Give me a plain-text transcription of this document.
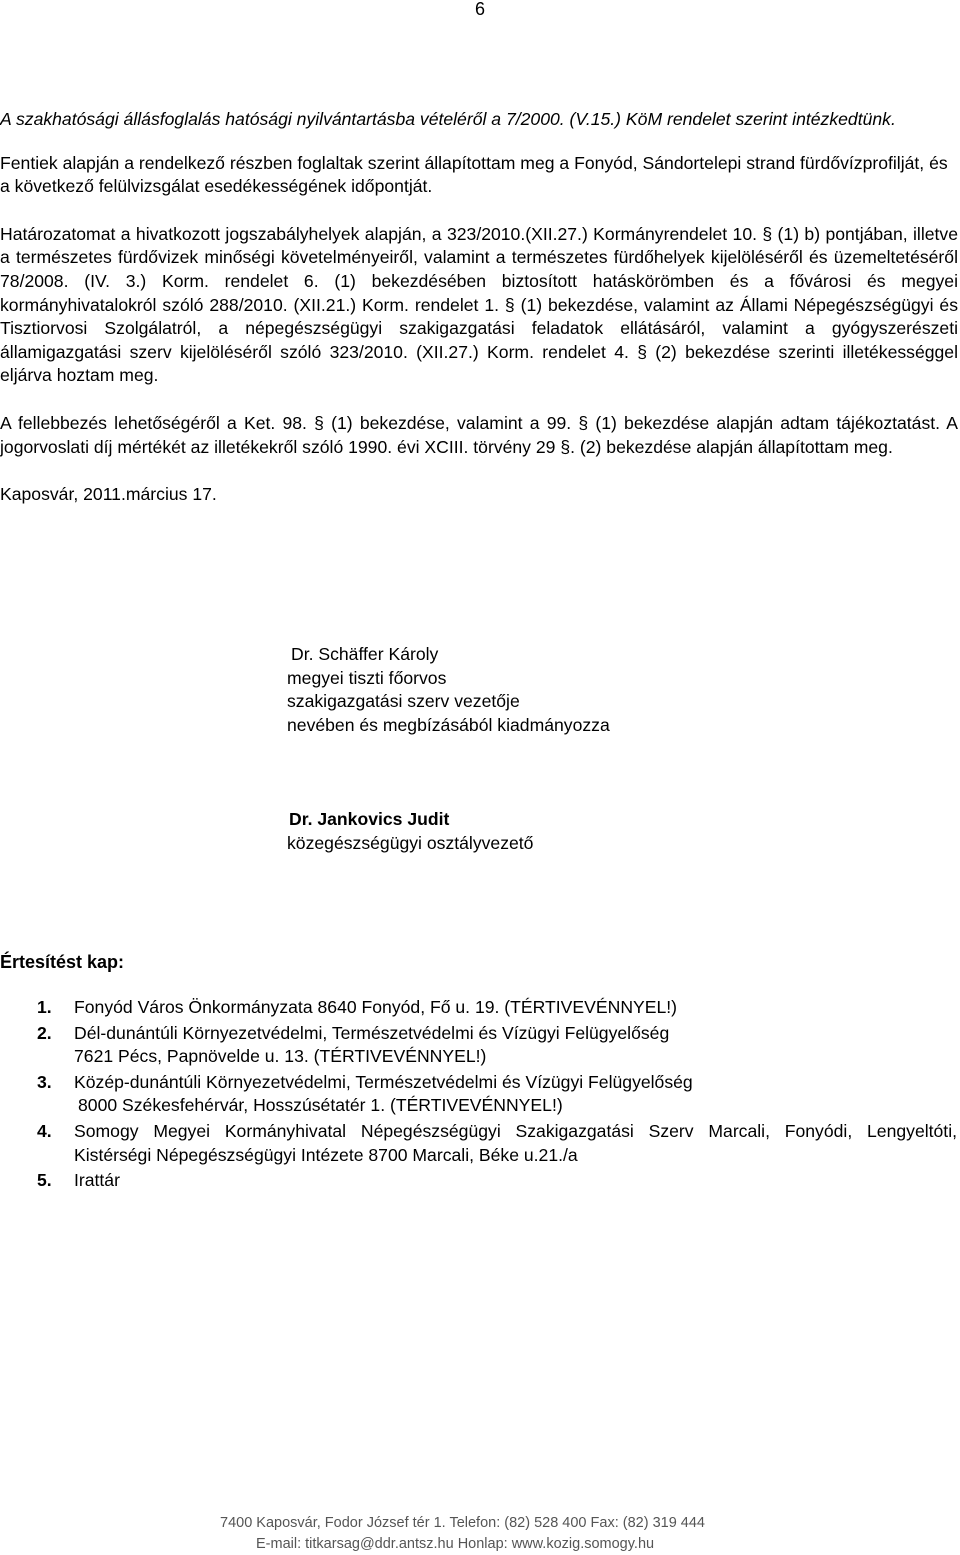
6

A szakhatósági állásfoglalás hatósági nyilvántartásba vételéről a 7/2000. (V.15.) KöM rendelet szerint intézkedtünk.

Fentiek alapján a rendelkező részben foglaltak szerint állapítottam meg a Fonyód, Sándortelepi strand fürdővízprofilját, és a következő felülvizsgálat esedékességének időpontját.

Határozatomat a hivatkozott jogszabályhelyek alapján, a 323/2010.(XII.27.) Kormányrendelet 10. § (1) b) pontjában, illetve a természetes fürdővizek minőségi követelményeiről, valamint a természetes fürdőhelyek kijelöléséről és üzemeltetéséről 78/2008. (IV. 3.) Korm. rendelet 6. (1) bekezdésében biztosított hatáskörömben és a fővárosi és megyei kormányhivatalokról szóló 288/2010. (XII.21.) Korm. rendelet 1. § (1) bekezdése, valamint az Állami Népegészségügyi és Tisztiorvosi Szolgálatról, a népegészségügyi szakigazgatási feladatok ellátásáról, valamint a gyógyszerészeti államigazgatási szerv kijelöléséről szóló 323/2010. (XII.27.) Korm. rendelet 4. § (2) bekezdése szerinti illetékességgel eljárva hoztam meg.

A fellebbezés lehetőségéről a Ket. 98. § (1) bekezdése, valamint a 99. § (1) bekezdése alapján adtam tájékoztatást. A jogorvoslati díj mértékét az illetékekről szóló 1990. évi XCIII. törvény 29 §. (2) bekezdése alapján állapítottam meg.

Kaposvár, 2011.március 17.

Dr. Schäffer Károly
megyei tiszti főorvos
szakigazgatási szerv vezetője
nevében és megbízásából kiadmányozza
Dr. Jankovics Judit
közegészségügyi osztályvezető
Értesítést kap:
1.	Fonyód Város Önkormányzata 8640 Fonyód, Fő u. 19. (TÉRTIVEVÉNNYEL!)
2.	Dél-dunántúli Környezetvédelmi, Természetvédelmi és Vízügyi Felügyelőség
7621 Pécs, Papnövelde u. 13. (TÉRTIVEVÉNNYEL!)
3.	Közép-dunántúli Környezetvédelmi, Természetvédelmi és Vízügyi Felügyelőség
8000 Székesfehérvár, Hosszúsétatér 1. (TÉRTIVEVÉNNYEL!)
4.	Somogy Megyei Kormányhivatal Népegészségügyi Szakigazgatási Szerv Marcali, Fonyódi, Lengyeltóti, Kistérségi Népegészségügyi Intézete 8700 Marcali, Béke u.21./a
5.	Irattár
7400 Kaposvár, Fodor József tér 1. Telefon: (82) 528 400 Fax: (82) 319 444
E-mail: titkarsag@ddr.antsz.hu Honlap: www.kozig.somogy.hu
